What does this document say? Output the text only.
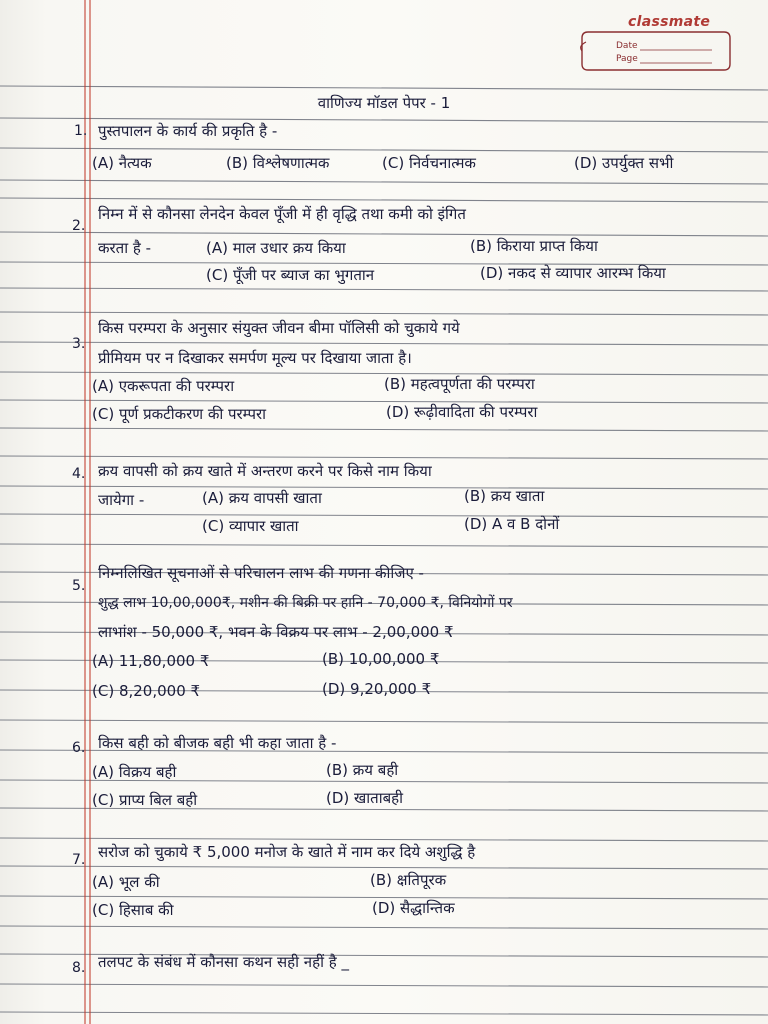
classmate
Date
Page
वाणिज्य मॉडल पेपर - 1
1. पुस्तपालन के कार्य की प्रकृति है -
(A) नैत्यक	(B) विश्लेषणात्मक	(C) निर्वचनात्मक	(D) उपर्युक्त सभी
2.
निम्न में से कौनसा लेनदेन केवल पूँजी में ही वृद्धि तथा कमी को इंगित
करता है -	(A) माल उधार क्रय किया	(B) किराया प्राप्त किया
(C) पूँजी पर ब्याज का भुगतान	(D) नकद से व्यापार आरम्भ किया
3.
किस परम्परा के अनुसार संयुक्त जीवन बीमा पॉलिसी को चुकाये गये
प्रीमियम पर न दिखाकर समर्पण मूल्य पर दिखाया जाता है।
(A) एकरूपता की परम्परा	(B) महत्वपूर्णता की परम्परा
(C) पूर्ण प्रकटीकरण की परम्परा	(D) रूढ़ीवादिता की परम्परा
4. क्रय वापसी को क्रय खाते में अन्तरण करने पर किसे नाम किया
जायेगा -	(A) क्रय वापसी खाता	(B) क्रय खाता
(C) व्यापार खाता	(D) A व B दोनों
5.
निम्नलिखित सूचनाओं से परिचालन लाभ की गणना कीजिए -
शुद्ध लाभ 10,00,000₹, मशीन की बिक्री पर हानि - 70,000 ₹, विनियोगों पर
लाभांश - 50,000 ₹, भवन के विक्रय पर लाभ - 2,00,000 ₹
(A) 11,80,000 ₹	(B) 10,00,000 ₹
(C) 8,20,000 ₹	(D) 9,20,000 ₹
6. किस बही को बीजक बही भी कहा जाता है -
(A) विक्रय बही	(B) क्रय बही
(C) प्राप्य बिल बही	(D) खाताबही
7. सरोज को चुकाये ₹ 5,000 मनोज के खाते में नाम कर दिये अशुद्धि है
(A) भूल की	(B) क्षतिपूरक
(C) हिसाब की	(D) सैद्धान्तिक
8. तलपट के संबंध में कौनसा कथन सही नहीं है _
